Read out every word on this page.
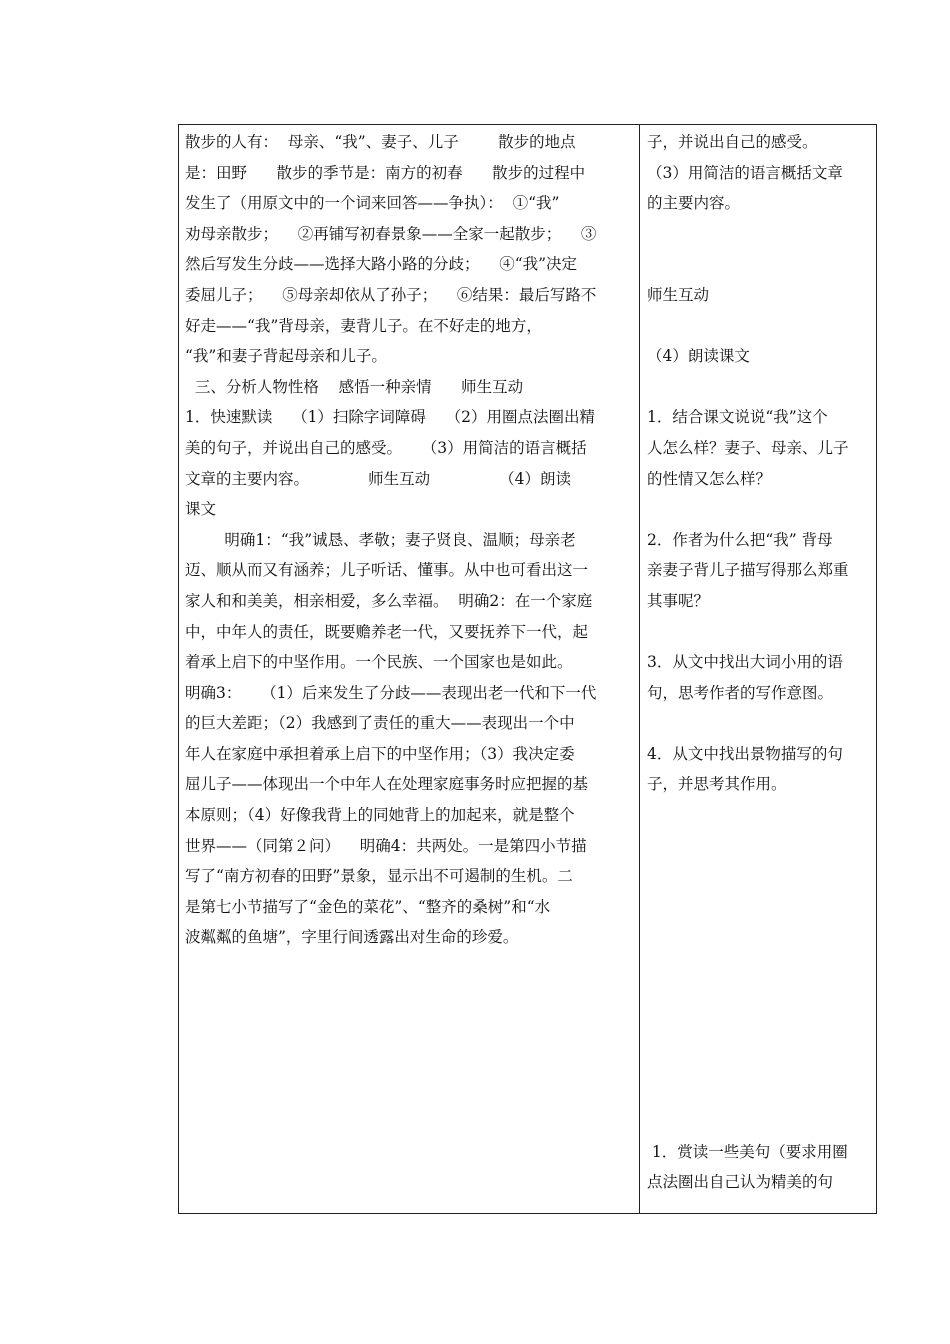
散步的人有：  母亲、“我”、妻子、儿子        散步的地点
是：田野      散步的季节是：南方的初春      散步的过程中
发生了（用原文中的一个词来回答——争执）：  ①“我”
劝母亲散步；    ②再铺写初春景象——全家一起散步；    ③
然后写发生分歧——选择大路小路的分歧；    ④“我”决定
委屈儿子；    ⑤母亲却依从了孙子；    ⑥结果：最后写路不
好走——“我”背母亲，妻背儿子。在不好走的地方，
“我”和妻子背起母亲和儿子。
三、分析人物性格    感悟一种亲情      师生互动
1．快速默读    （1）扫除字词障碍    （2）用圈点法圈出精
美的句子，并说出自己的感受。    （3）用简洁的语言概括
文章的主要内容。            师生互动              （4）朗读
课文
明确1：“我”诚恳、孝敬；妻子贤良、温顺；母亲老
迈、顺从而又有涵养；儿子听话、懂事。从中也可看出这一
家人和和美美，相亲相爱，多么幸福。  明确2：在一个家庭
中，中年人的责任，既要赡养老一代，又要抚养下一代，起
着承上启下的中坚作用。一个民族、一个国家也是如此。
明确3：    （1）后来发生了分歧——表现出老一代和下一代
的巨大差距；（2）我感到了责任的重大——表现出一个中
年人在家庭中承担着承上启下的中坚作用；（3）我决定委
屈儿子——体现出一个中年人在处理家庭事务时应把握的基
本原则；（4）好像我背上的同她背上的加起来，就是整个
世界——（同第２问）    明确4：共两处。一是第四小节描
写了“南方初春的田野”景象，显示出不可遏制的生机。二
是第七小节描写了“金色的菜花”、“整齐的桑树”和“水
波粼粼的鱼塘”，字里行间透露出对生命的珍爱。
子，并说出自己的感受。
（3）用简洁的语言概括文章
的主要内容。
师生互动
（4）朗读课文
1．结合课文说说“我”这个
人怎么样？妻子、母亲、儿子
的性情又怎么样？
2．作者为什么把“我” 背母
亲妻子背儿子描写得那么郑重
其事呢？
3．从文中找出大词小用的语
句，思考作者的写作意图。
4．从文中找出景物描写的句
子，并思考其作用。
1．赏读一些美句（要求用圈
点法圈出自己认为精美的句
